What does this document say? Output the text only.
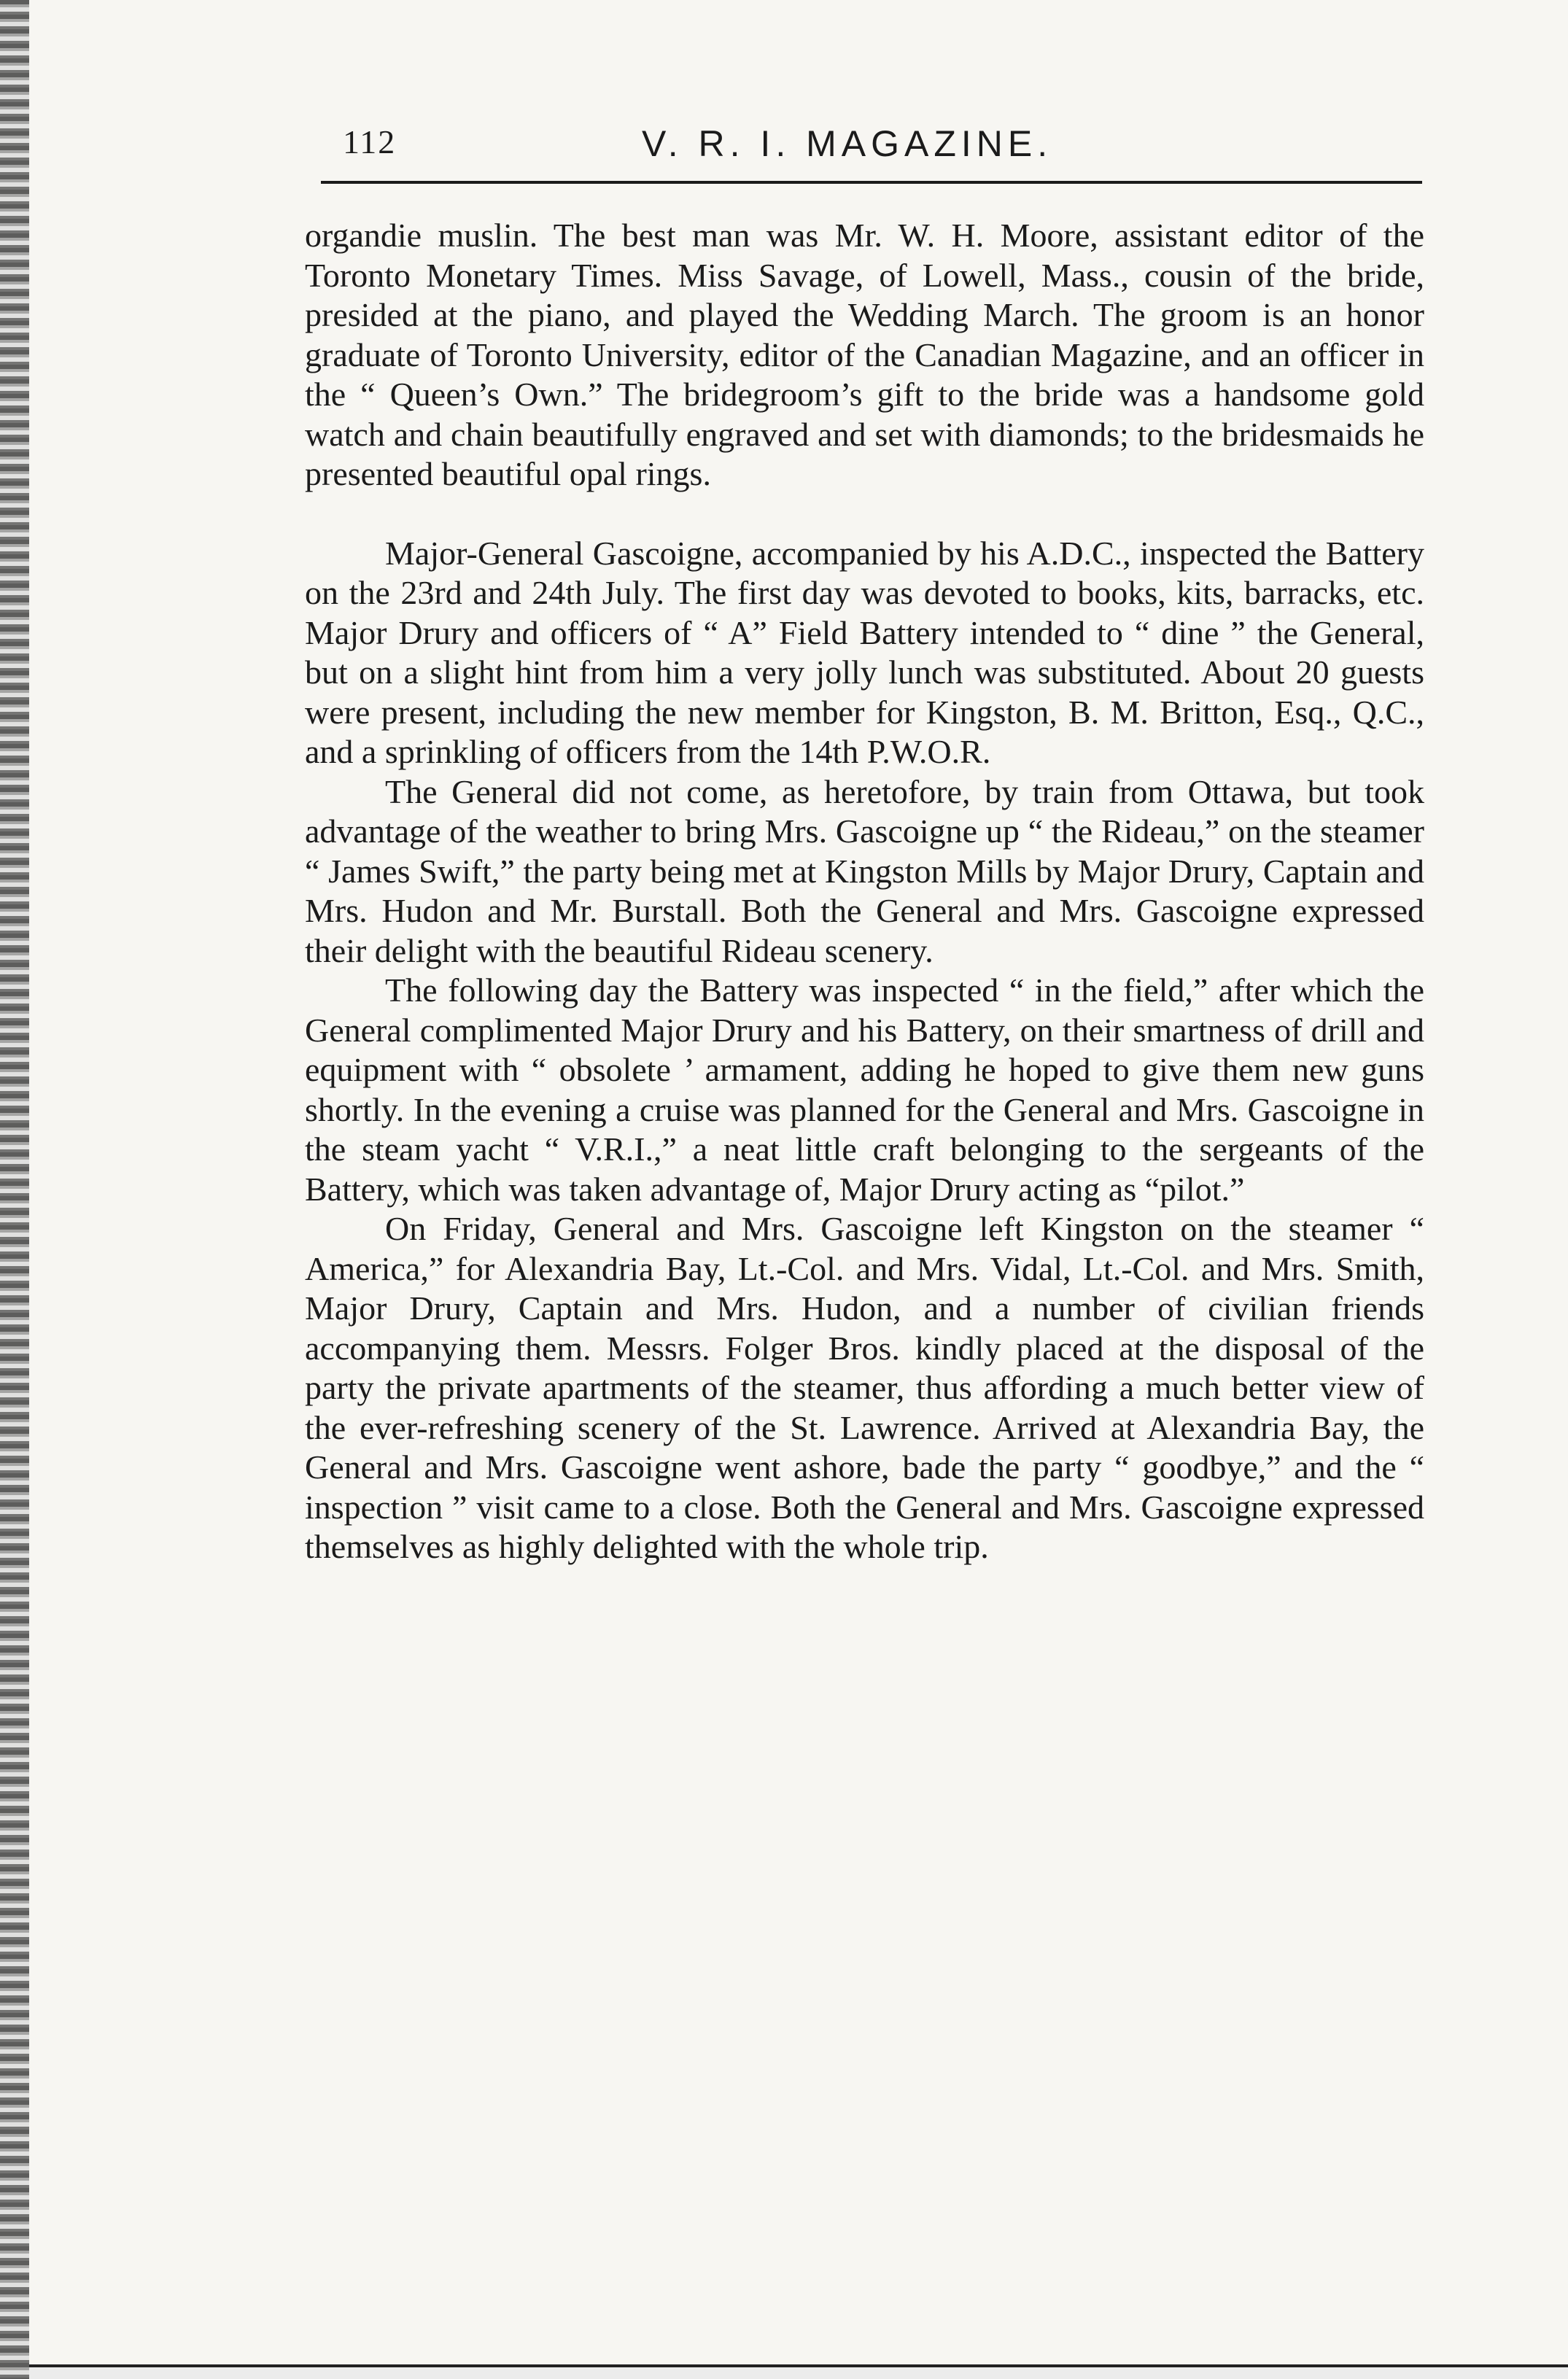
112	V. R. I. MAGAZINE.

organdie muslin. The best man was Mr. W. H. Moore, assistant editor of the Toronto Monetary Times. Miss Savage, of Lowell, Mass., cousin of the bride, presided at the piano, and played the Wedding March. The groom is an honor graduate of Toronto University, editor of the Canadian Magazine, and an officer in the “ Queen’s Own.” The bridegroom’s gift to the bride was a handsome gold watch and chain beautifully engraved and set with diamonds; to the bridesmaids he presented beautiful opal rings.

Major-General Gascoigne, accompanied by his A.D.C., inspected the Battery on the 23rd and 24th July. The first day was devoted to books, kits, barracks, etc. Major Drury and officers of “ A” Field Battery intended to “ dine ” the General, but on a slight hint from him a very jolly lunch was substituted. About 20 guests were present, including the new member for Kingston, B. M. Britton, Esq., Q.C., and a sprinkling of officers from the 14th P.W.O.R.

The General did not come, as heretofore, by train from Ottawa, but took advantage of the weather to bring Mrs. Gascoigne up “ the Rideau,” on the steamer “ James Swift,” the party being met at Kingston Mills by Major Drury, Captain and Mrs. Hudon and Mr. Burstall. Both the General and Mrs. Gascoigne expressed their delight with the beautiful Rideau scenery.

The following day the Battery was inspected “ in the field,” after which the General complimented Major Drury and his Battery, on their smartness of drill and equipment with “ obsolete ’ armament, adding he hoped to give them new guns shortly. In the evening a cruise was planned for the General and Mrs. Gascoigne in the steam yacht “ V.R.I.,” a neat little craft belonging to the sergeants of the Battery, which was taken advantage of, Major Drury acting as “pilot.”

On Friday, General and Mrs. Gascoigne left Kingston on the steamer “ America,” for Alexandria Bay, Lt.-Col. and Mrs. Vidal, Lt.-Col. and Mrs. Smith, Major Drury, Captain and Mrs. Hudon, and a number of civilian friends accompanying them. Messrs. Folger Bros. kindly placed at the disposal of the party the private apartments of the steamer, thus affording a much better view of the ever-refreshing scenery of the St. Lawrence. Arrived at Alexandria Bay, the General and Mrs. Gascoigne went ashore, bade the party “ goodbye,” and the “ inspection ” visit came to a close. Both the General and Mrs. Gascoigne expressed themselves as highly delighted with the whole trip.
